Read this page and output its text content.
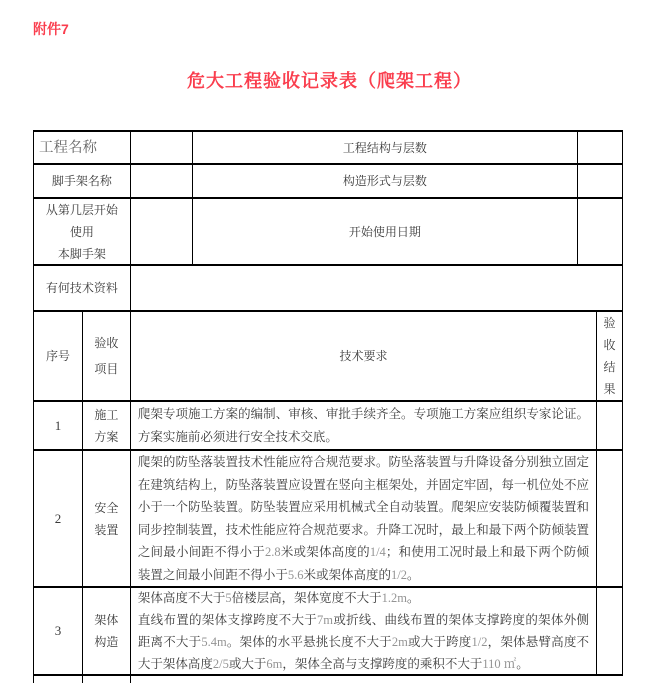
附件7
危大工程验收记录表（爬架工程）
工程名称	工程结构与层数
脚手架名称	构造形式与层数
从第几层开始
使用
本脚手架
开始使用日期
有何技术资料
序号
验收
项目
技术要求
验
收
结
果
1
施工
方案

爬架专项施工方案的编制、审核、审批手续齐全。专项施工方案应组织专家论证。方案实施前必须进行安全技术交底。

2
安全
装置

爬架的防坠落装置技术性能应符合规范要求。防坠落装置与升降设备分别独立固定在建筑结构上，防坠落装置应设置在竖向主框架处，并固定牢固，每一机位处不应小于一个防坠装置。防坠装置应采用机械式全自动装置。爬架应安装防倾覆装置和同步控制装置，技术性能应符合规范要求。升降工况时，最上和最下两个防倾装置之间最小间距不得小于2.8米或架体高度的1/4；和使用工况时最上和最下两个防倾装置之间最小间距不得小于5.6米或架体高度的1/2。

3
架体
构造

架体高度不大于5倍楼层高，架体宽度不大于1.2m。

直线布置的架体支撑跨度不大于7m或折线、曲线布置的架体支撑跨度的架体外侧距离不大于5.4m。架体的水平悬挑长度不大于2m或大于跨度1/2，架体悬臂高度不大于架体高度2/5或大于6m，架体全高与支撑跨度的乘积不大于110 ㎡。
